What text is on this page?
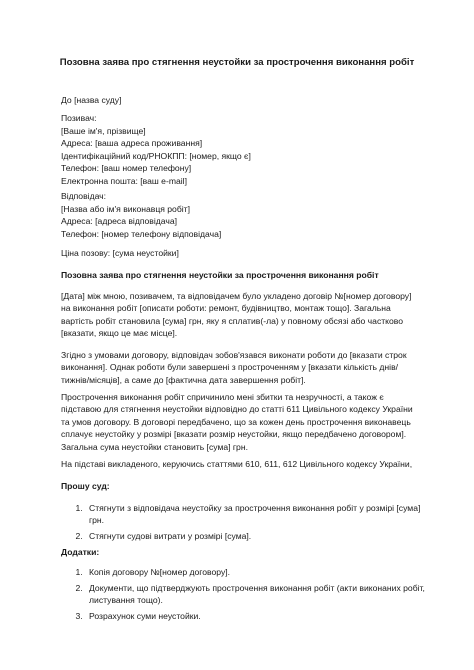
Позовна заява про стягнення неустойки за прострочення виконання робіт
До [назва суду]
Позивач:
[Ваше ім'я, прізвище]
Адреса: [ваша адреса проживання]
Ідентифікаційний код/РНОКПП: [номер, якщо є]
Телефон: [ваш номер телефону]
Електронна пошта: [ваш e-mail]
Відповідач:
[Назва або ім'я виконавця робіт]
Адреса: [адреса відповідача]
Телефон: [номер телефону відповідача]
Ціна позову: [сума неустойки]
Позовна заява про стягнення неустойки за прострочення виконання робіт
[Дата] між мною, позивачем, та відповідачем було укладено договір №[номер договору] на виконання робіт [описати роботи: ремонт, будівництво, монтаж тощо]. Загальна вартість робіт становила [сума] грн, яку я сплатив(-ла) у повному обсязі або частково [вказати, якщо це має місце].
Згідно з умовами договору, відповідач зобов'язався виконати роботи до [вказати строк виконання]. Однак роботи були завершені з простроченням у [вказати кількість днів/тижнів/місяців], а саме до [фактична дата завершення робіт].
Прострочення виконання робіт спричинило мені збитки та незручності, а також є підставою для стягнення неустойки відповідно до статті 611 Цивільного кодексу України та умов договору. В договорі передбачено, що за кожен день прострочення виконавець сплачує неустойку у розмірі [вказати розмір неустойки, якщо передбачено договором]. Загальна сума неустойки становить [сума] грн.
На підставі викладеного, керуючись статтями 610, 611, 612 Цивільного кодексу України,
Прошу суд:
1. Стягнути з відповідача неустойку за прострочення виконання робіт у розмірі [сума] грн.
2. Стягнути судові витрати у розмірі [сума].
Додатки:
1. Копія договору №[номер договору].
2. Документи, що підтверджують прострочення виконання робіт (акти виконаних робіт, листування тощо).
3. Розрахунок суми неустойки.
